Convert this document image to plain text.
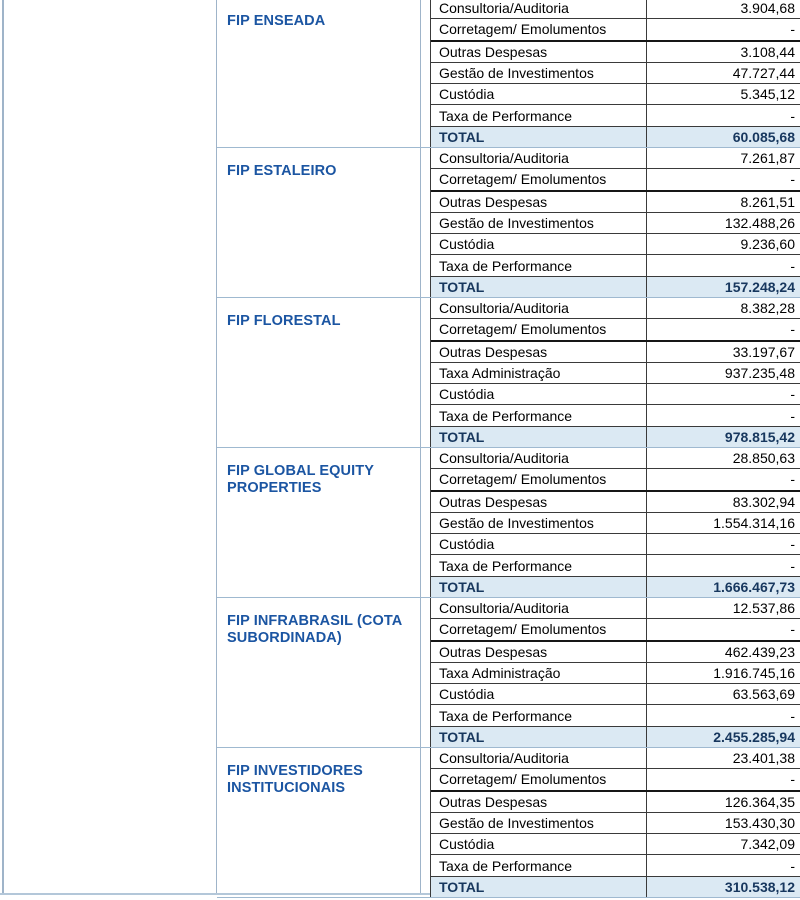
FIP ENSEADA
Consultoria/Auditoria	3.904,68
Corretagem/ Emolumentos	-
Outras Despesas	3.108,44
Gestão de Investimentos	47.727,44
Custódia	5.345,12
Taxa de Performance	-
TOTAL	60.085,68
FIP ESTALEIRO
Consultoria/Auditoria	7.261,87
Corretagem/ Emolumentos	-
Outras Despesas	8.261,51
Gestão de Investimentos	132.488,26
Custódia	9.236,60
Taxa de Performance	-
TOTAL	157.248,24
FIP FLORESTAL
Consultoria/Auditoria	8.382,28
Corretagem/ Emolumentos	-
Outras Despesas	33.197,67
Taxa Administração	937.235,48
Custódia	-
Taxa de Performance	-
TOTAL	978.815,42
FIP GLOBAL EQUITY PROPERTIES
Consultoria/Auditoria	28.850,63
Corretagem/ Emolumentos	-
Outras Despesas	83.302,94
Gestão de Investimentos	1.554.314,16
Custódia	-
Taxa de Performance	-
TOTAL	1.666.467,73
FIP INFRABRASIL (COTA SUBORDINADA)
Consultoria/Auditoria	12.537,86
Corretagem/ Emolumentos	-
Outras Despesas	462.439,23
Taxa Administração	1.916.745,16
Custódia	63.563,69
Taxa de Performance	-
TOTAL	2.455.285,94
FIP INVESTIDORES INSTITUCIONAIS
Consultoria/Auditoria	23.401,38
Corretagem/ Emolumentos	-
Outras Despesas	126.364,35
Gestão de Investimentos	153.430,30
Custódia	7.342,09
Taxa de Performance	-
TOTAL	310.538,12
